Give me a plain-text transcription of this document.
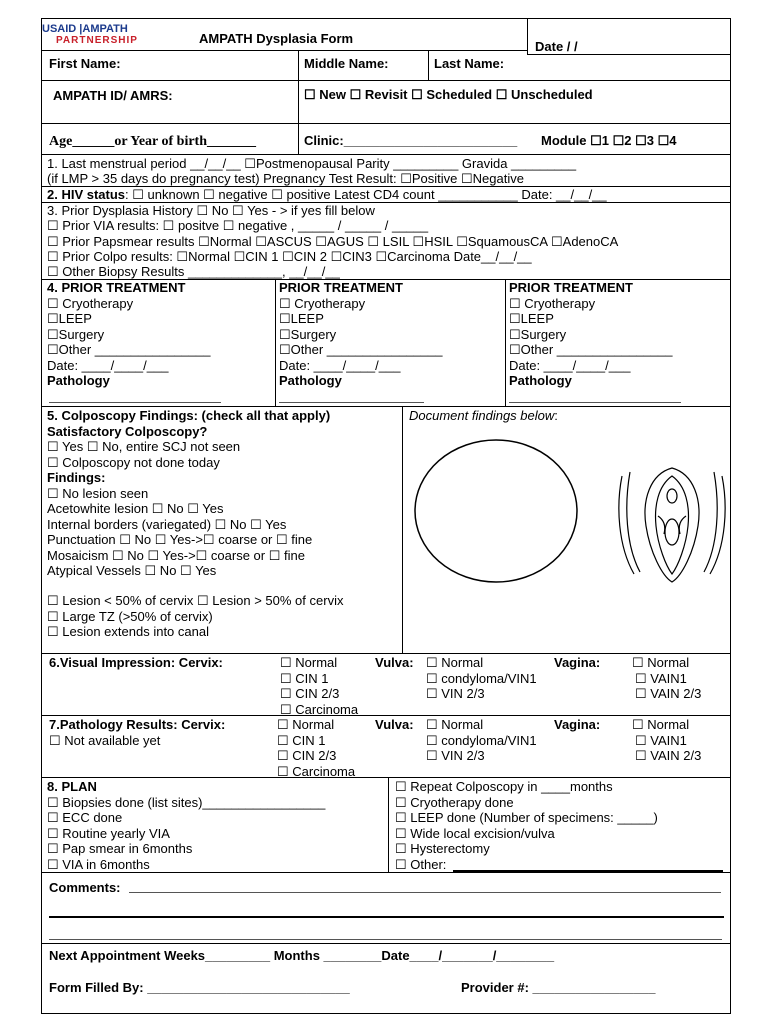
USAID |AMPATH
PARTNERSHIP	AMPATH Dysplasia Form
Date / /
First Name:	Middle Name:	Last Name:
AMPATH ID/ AMRS:	☐ New ☐ Revisit ☐ Scheduled ☐ Unscheduled
Age______or Year of birth_______	Clinic:________________________ Module ☐1 ☐2 ☐3 ☐4
1. Last menstrual period __/__/__ ☐Postmenopausal Parity _________ Gravida _________
(if LMP > 35 days do pregnancy test) Pregnancy Test Result: ☐Positive ☐Negative
2. HIV status: ☐ unknown ☐ negative ☐ positive Latest CD4 count ___________ Date: __/__/__
3. Prior Dysplasia History ☐ No ☐ Yes - > if yes fill below
☐ Prior VIA results: ☐ positve ☐ negative , _____ / _____ / _____
☐ Prior Papsmear results ☐Normal ☐ASCUS ☐AGUS ☐ LSIL ☐HSIL ☐SquamousCA ☐AdenoCA
☐ Prior Colpo results: ☐Normal ☐CIN 1 ☐CIN 2 ☐CIN3 ☐Carcinoma Date__/__/__
☐ Other Biopsy Results _____________, __/__/__
4. PRIOR TREATMENT
☐ Cryotherapy
☐LEEP
☐Surgery
☐Other ________________
Date: ____/____/___
Pathology
PRIOR TREATMENT
☐ Cryotherapy
☐LEEP
☐Surgery
☐Other ________________
Date: ____/____/___
Pathology
PRIOR TREATMENT
☐ Cryotherapy
☐LEEP
☐Surgery
☐Other ________________
Date: ____/____/___
Pathology
5. Colposcopy Findings: (check all that apply)
Satisfactory Colposcopy?
☐ Yes ☐ No, entire SCJ not seen
☐ Colposcopy not done today
Findings:
☐ No lesion seen
Acetowhite lesion ☐ No ☐ Yes
Internal borders (variegated) ☐ No ☐ Yes
Punctuation ☐ No ☐ Yes->☐ coarse or ☐ fine
Mosaicism ☐ No ☐ Yes->☐ coarse or ☐ fine
Atypical Vessels ☐ No ☐ Yes
☐ Lesion < 50% of cervix ☐ Lesion > 50% of cervix
☐ Large TZ (>50% of cervix)
☐ Lesion extends into canal
Document findings below:
6.Visual Impression: Cervix:	☐ Normal
☐ CIN 1
☐ CIN 2/3
☐ Carcinoma
Vulva: ☐ Normal
☐ condyloma/VIN1
☐ VIN 2/3
Vagina: ☐ Normal
☐ VAIN1
☐ VAIN 2/3
7.Pathology Results: Cervix:
☐ Not available yet
☐ Normal
☐ CIN 1
☐ CIN 2/3
☐ Carcinoma
Vulva: ☐ Normal
☐ condyloma/VIN1
☐ VIN 2/3
Vagina: ☐ Normal
☐ VAIN1
☐ VAIN 2/3
8. PLAN
☐ Biopsies done (list sites)_________________
☐ ECC done
☐ Routine yearly VIA
☐ Pap smear in 6months
☐ VIA in 6months
☐ Repeat Colposcopy in ____months
☐ Cryotherapy done
☐ LEEP done (Number of specimens: _____)
☐ Wide local excision/vulva
☐ Hysterectomy
☐ Other:
Comments:
Next Appointment Weeks_________ Months ________Date____/_______/________
Form Filled By: ____________________________	Provider #: _________________
